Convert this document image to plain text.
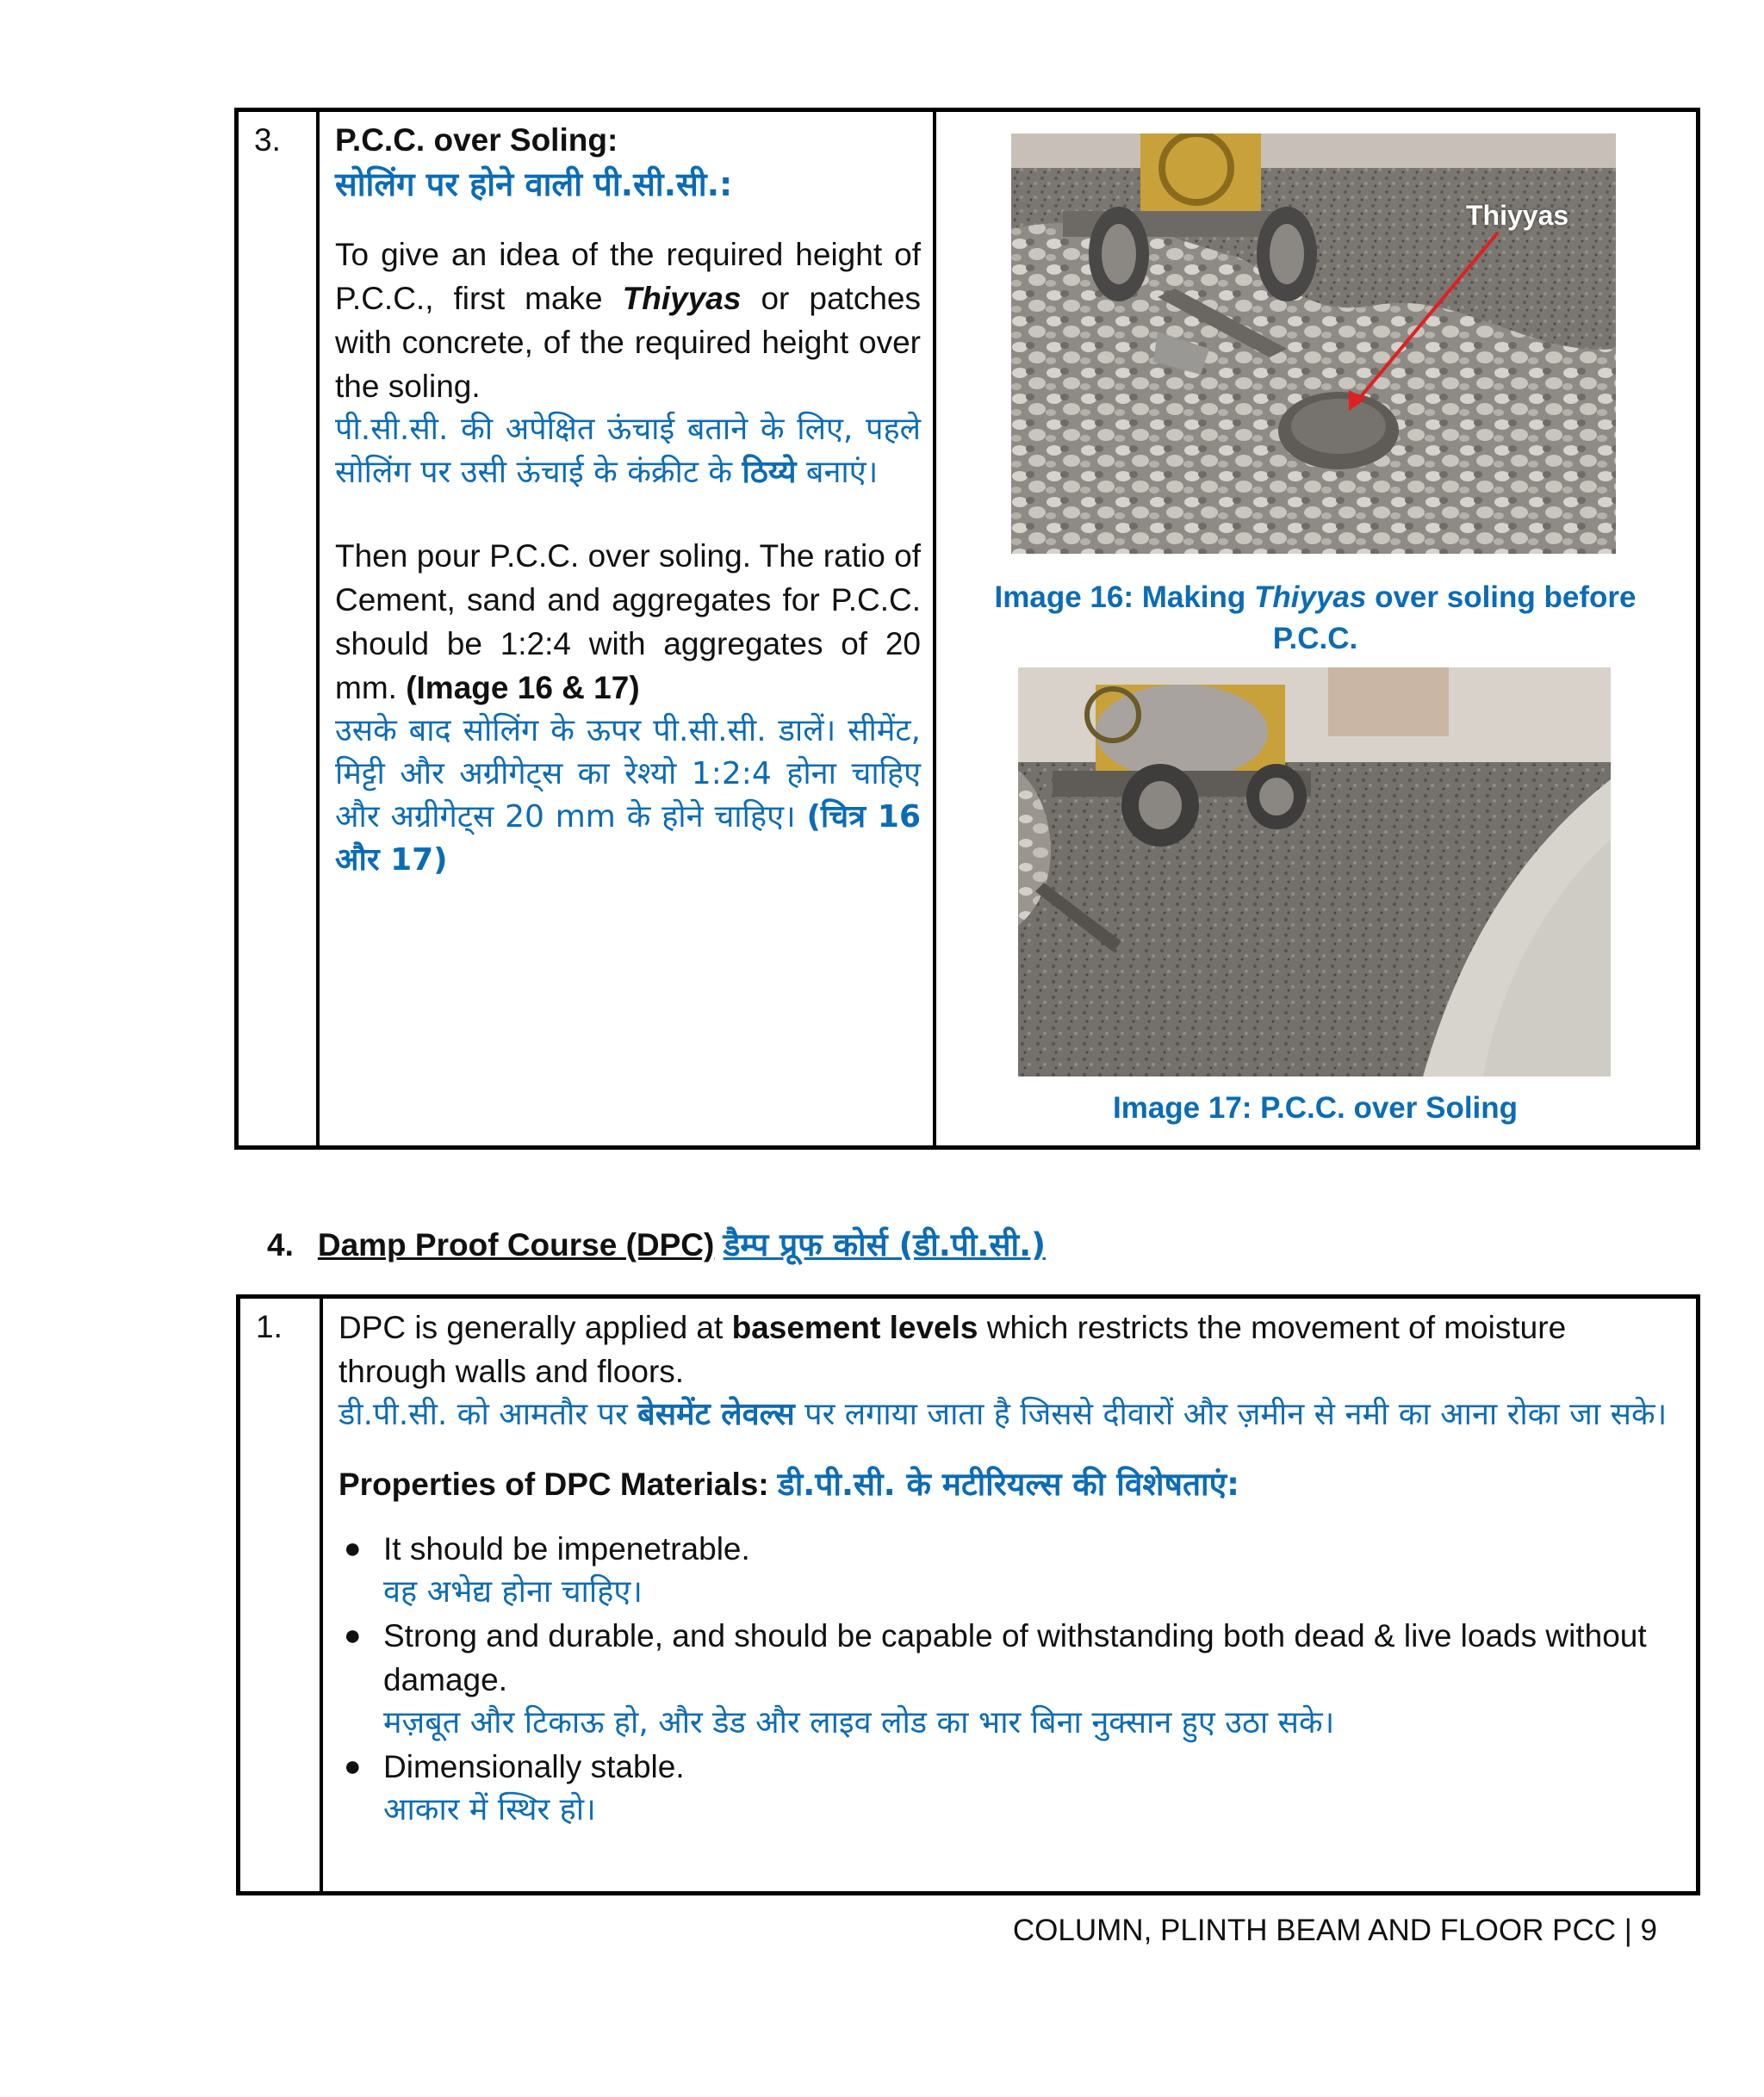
3. P.C.C. over Soling:
सोलिंग पर होने वाली पी.सी.सी.:
To give an idea of the required height of P.C.C., first make Thiyyas or patches with concrete, of the required height over the soling.
पी.सी.सी. की अपेक्षित ऊंचाई बताने के लिए, पहले सोलिंग पर उसी ऊंचाई के कंक्रीट के ठिय्ये बनाएं।
Then pour P.C.C. over soling. The ratio of Cement, sand and aggregates for P.C.C. should be 1:2:4 with aggregates of 20 mm. (Image 16 & 17)
उसके बाद सोलिंग के ऊपर पी.सी.सी. डालें। सीमेंट, मिट्टी और अग्रीगेट्स का रेश्यो 1:2:4 होना चाहिए और अग्रीगेट्स 20 mm के होने चाहिए। (चित्र 16 और 17)
Thiyyas
Image 16: Making Thiyyas over soling before P.C.C.
Image 17: P.C.C. over Soling
4. Damp Proof Course (DPC) डैम्प प्रूफ कोर्स (डी.पी.सी.)
1. DPC is generally applied at basement levels which restricts the movement of moisture through walls and floors.
डी.पी.सी. को आमतौर पर बेसमेंट लेवल्स पर लगाया जाता है जिससे दीवारों और ज़मीन से नमी का आना रोका जा सके।
Properties of DPC Materials: डी.पी.सी. के मटीरियल्स की विशेषताएं:
● It should be impenetrable.
वह अभेद्य होना चाहिए।
● Strong and durable, and should be capable of withstanding both dead & live loads without damage.
मज़बूत और टिकाऊ हो, और डेड और लाइव लोड का भार बिना नुक्सान हुए उठा सके।
● Dimensionally stable.
आकार में स्थिर हो।
COLUMN, PLINTH BEAM AND FLOOR PCC | 9
